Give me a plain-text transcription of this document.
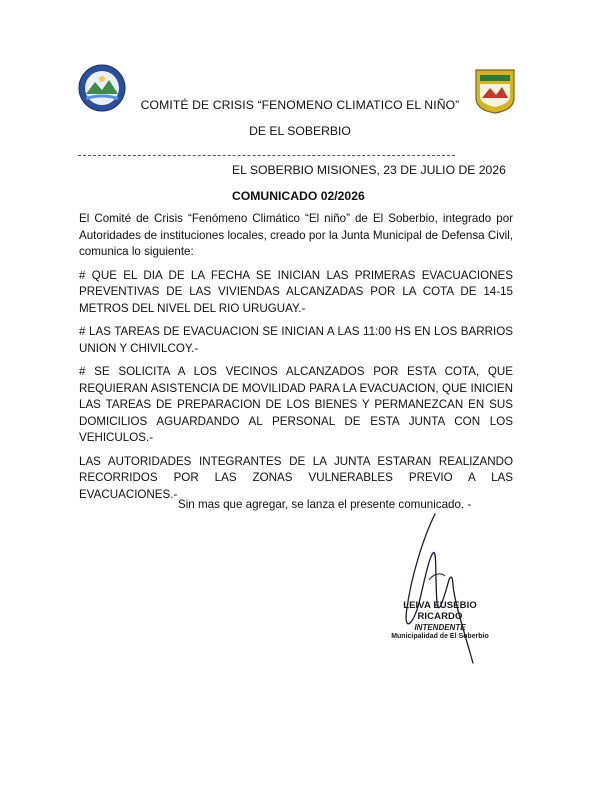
COMITÉ DE CRISIS “FENOMENO CLIMATICO EL NIÑO”
DE EL SOBERBIO
EL SOBERBIO MISIONES, 23 DE JULIO DE 2026
COMUNICADO 02/2026

El Comité de Crisis “Fenómeno Climático “El niño” de El Soberbio, integrado por Autoridades de instituciones locales, creado por la Junta Municipal de Defensa Civil, comunica lo siguiente:

# QUE EL DIA DE LA FECHA SE INICIAN LAS PRIMERAS EVACUACIONES PREVENTIVAS DE LAS VIVIENDAS ALCANZADAS POR LA COTA DE 14-15 METROS DEL NIVEL DEL RIO URUGUAY.-

# LAS TAREAS DE EVACUACION SE INICIAN A LAS 11:00 HS EN LOS BARRIOS UNION Y CHIVILCOY.-

# SE SOLICITA A LOS VECINOS ALCANZADOS POR ESTA COTA, QUE REQUIERAN ASISTENCIA DE MOVILIDAD PARA LA EVACUACION, QUE INICIEN LAS TAREAS DE PREPARACION DE LOS BIENES Y PERMANEZCAN EN SUS DOMICILIOS AGUARDANDO AL PERSONAL DE ESTA JUNTA CON LOS VEHICULOS.-

LAS AUTORIDADES INTEGRANTES DE LA JUNTA ESTARAN REALIZANDO RECORRIDOS POR LAS ZONAS VULNERABLES PREVIO A LAS EVACUACIONES.-

Sin mas que agregar, se lanza el presente comunicado. -
LEIVA EUSEBIO RICARDO
INTENDENTE
Municipalidad de El Soberbio
